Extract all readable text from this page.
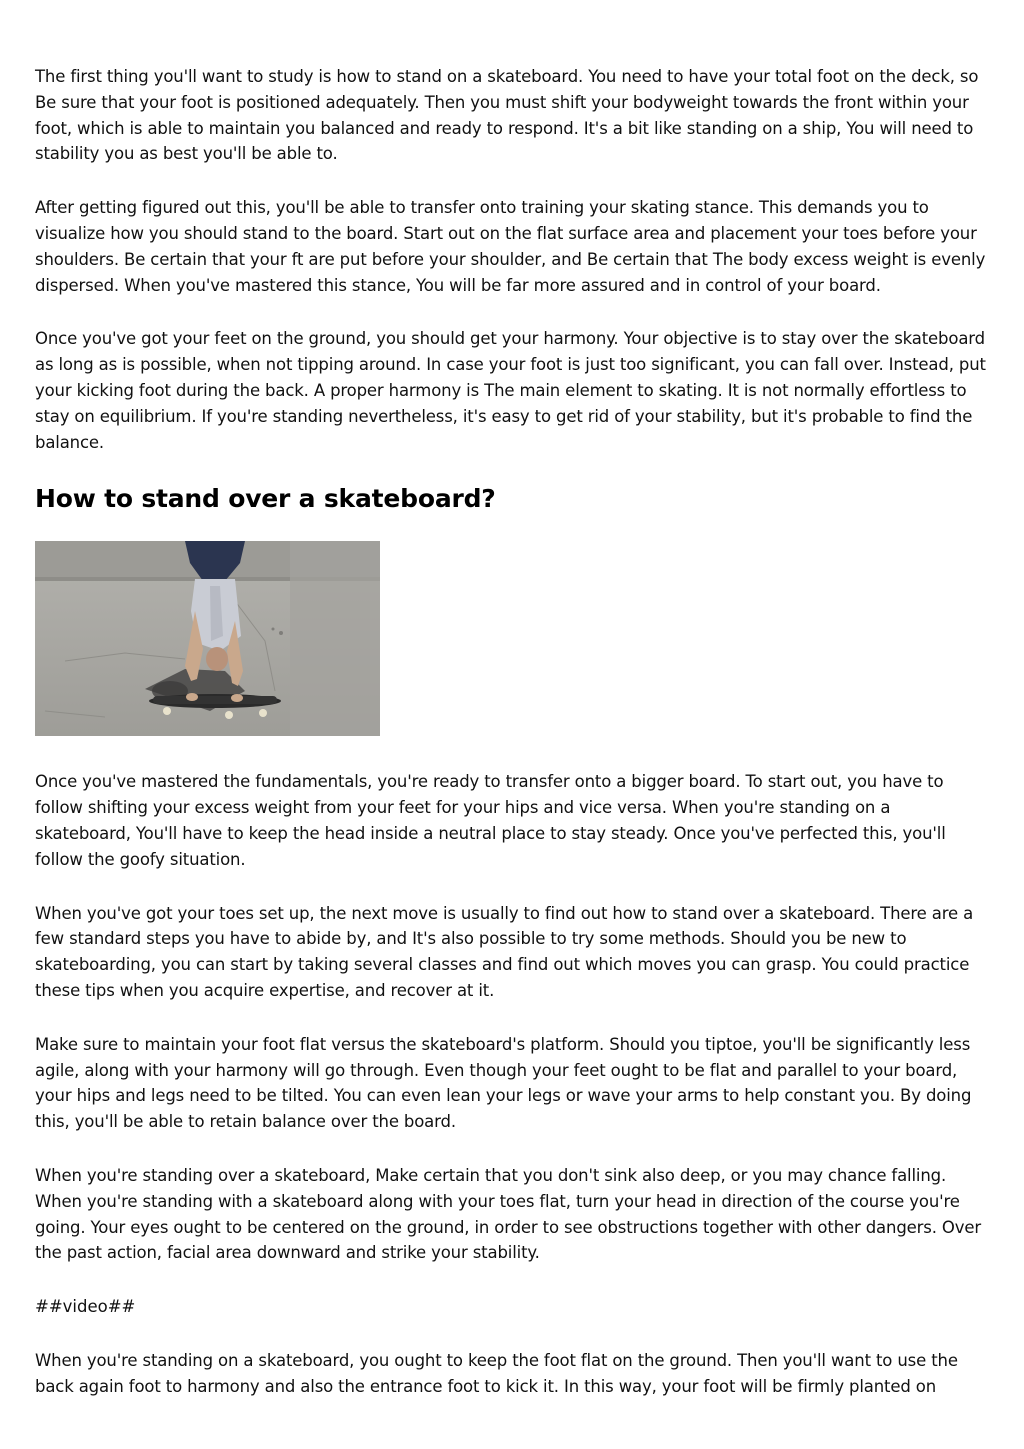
The first thing you'll want to study is how to stand on a skateboard. You need to have your total foot on the deck, so Be sure that your foot is positioned adequately. Then you must shift your bodyweight towards the front within your foot, which is able to maintain you balanced and ready to respond. It's a bit like standing on a ship, You will need to stability you as best you'll be able to.

After getting figured out this, you'll be able to transfer onto training your skating stance. This demands you to visualize how you should stand to the board. Start out on the flat surface area and placement your toes before your shoulders. Be certain that your ft are put before your shoulder, and Be certain that The body excess weight is evenly dispersed. When you've mastered this stance, You will be far more assured and in control of your board.

Once you've got your feet on the ground, you should get your harmony. Your objective is to stay over the skateboard as long as is possible, when not tipping around. In case your foot is just too significant, you can fall over. Instead, put your kicking foot during the back. A proper harmony is The main element to skating. It is not normally effortless to stay on equilibrium. If you're standing nevertheless, it's easy to get rid of your stability, but it's probable to find the balance.

How to stand over a skateboard?

Once you've mastered the fundamentals, you're ready to transfer onto a bigger board. To start out, you have to follow shifting your excess weight from your feet for your hips and vice versa. When you're standing on a skateboard, You'll have to keep the head inside a neutral place to stay steady. Once you've perfected this, you'll follow the goofy situation.

When you've got your toes set up, the next move is usually to find out how to stand over a skateboard. There are a few standard steps you have to abide by, and It's also possible to try some methods. Should you be new to skateboarding, you can start by taking several classes and find out which moves you can grasp. You could practice these tips when you acquire expertise, and recover at it.

Make sure to maintain your foot flat versus the skateboard's platform. Should you tiptoe, you'll be significantly less agile, along with your harmony will go through. Even though your feet ought to be flat and parallel to your board, your hips and legs need to be tilted. You can even lean your legs or wave your arms to help constant you. By doing this, you'll be able to retain balance over the board.

When you're standing over a skateboard, Make certain that you don't sink also deep, or you may chance falling. When you're standing with a skateboard along with your toes flat, turn your head in direction of the course you're going. Your eyes ought to be centered on the ground, in order to see obstructions together with other dangers. Over the past action, facial area downward and strike your stability.

##video##

When you're standing on a skateboard, you ought to keep the foot flat on the ground. Then you'll want to use the back again foot to harmony and also the entrance foot to kick it. In this way, your foot will be firmly planted on
